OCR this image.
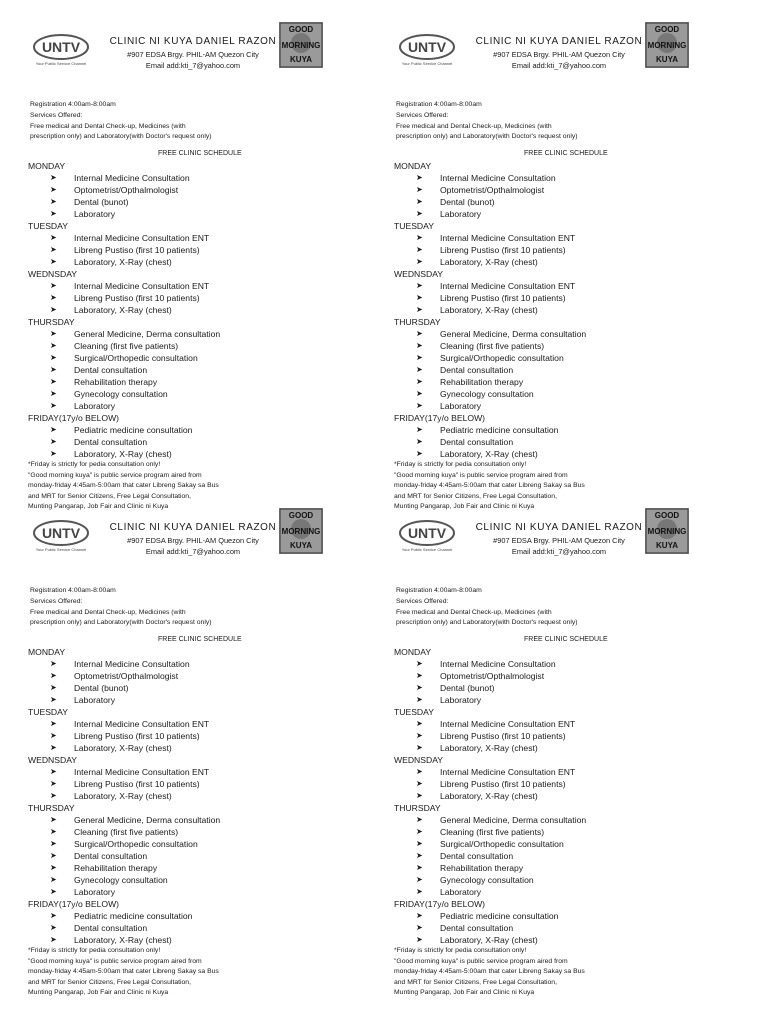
UNTV
Your Public Service Channel
GOOD
MORNING
KUYA
CLINIC NI KUYA DANIEL RAZON
#907 EDSA Brgy. PHIL-AM Quezon City
Email add:kti_7@yahoo.com
Registration 4:00am-8:00am
Services Offered:
Free medical and Dental Check-up, Medicines (with
prescription only) and Laboratory(with Doctor's request only)
FREE CLINIC SCHEDULE
MONDAY
➤	Internal Medicine Consultation
➤	Optometrist/Opthalmologist
➤	Dental (bunot)
➤	Laboratory
TUESDAY
➤	Internal Medicine Consultation ENT
➤	Libreng Pustiso (first 10 patients)
➤	Laboratory, X-Ray (chest)
WEDNSDAY
➤	Internal Medicine Consultation ENT
➤	Libreng Pustiso (first 10 patients)
➤	Laboratory, X-Ray (chest)
THURSDAY
➤	General Medicine, Derma consultation
➤	Cleaning (first five patients)
➤	Surgical/Orthopedic consultation
➤	Dental consultation
➤	Rehabilitation therapy
➤	Gynecology consultation
➤	Laboratory
FRIDAY(17y/o BELOW)
➤	Pediatric medicine consultation
➤	Dental consultation
➤	Laboratory, X-Ray (chest)
*Friday is strictly for pedia consultation only!
"Good morning kuya" is public service program aired from
monday-friday 4:45am-5:00am that cater Libreng Sakay sa Bus
and MRT for Senior Citizens, Free Legal Consultation,
Munting Pangarap, Job Fair and Clinic ni Kuya
UNTV
Your Public Service Channel
GOOD
MORNING
KUYA
CLINIC NI KUYA DANIEL RAZON
#907 EDSA Brgy. PHIL-AM Quezon City
Email add:kti_7@yahoo.com
Registration 4:00am-8:00am
Services Offered:
Free medical and Dental Check-up, Medicines (with
prescription only) and Laboratory(with Doctor's request only)
FREE CLINIC SCHEDULE
MONDAY
➤	Internal Medicine Consultation
➤	Optometrist/Opthalmologist
➤	Dental (bunot)
➤	Laboratory
TUESDAY
➤	Internal Medicine Consultation ENT
➤	Libreng Pustiso (first 10 patients)
➤	Laboratory, X-Ray (chest)
WEDNSDAY
➤	Internal Medicine Consultation ENT
➤	Libreng Pustiso (first 10 patients)
➤	Laboratory, X-Ray (chest)
THURSDAY
➤	General Medicine, Derma consultation
➤	Cleaning (first five patients)
➤	Surgical/Orthopedic consultation
➤	Dental consultation
➤	Rehabilitation therapy
➤	Gynecology consultation
➤	Laboratory
FRIDAY(17y/o BELOW)
➤	Pediatric medicine consultation
➤	Dental consultation
➤	Laboratory, X-Ray (chest)
*Friday is strictly for pedia consultation only!
"Good morning kuya" is public service program aired from
monday-friday 4:45am-5:00am that cater Libreng Sakay sa Bus
and MRT for Senior Citizens, Free Legal Consultation,
Munting Pangarap, Job Fair and Clinic ni Kuya
UNTV
Your Public Service Channel
GOOD
MORNING
KUYA
CLINIC NI KUYA DANIEL RAZON
#907 EDSA Brgy. PHIL-AM Quezon City
Email add:kti_7@yahoo.com
Registration 4:00am-8:00am
Services Offered:
Free medical and Dental Check-up, Medicines (with
prescription only) and Laboratory(with Doctor's request only)
FREE CLINIC SCHEDULE
MONDAY
➤	Internal Medicine Consultation
➤	Optometrist/Opthalmologist
➤	Dental (bunot)
➤	Laboratory
TUESDAY
➤	Internal Medicine Consultation ENT
➤	Libreng Pustiso (first 10 patients)
➤	Laboratory, X-Ray (chest)
WEDNSDAY
➤	Internal Medicine Consultation ENT
➤	Libreng Pustiso (first 10 patients)
➤	Laboratory, X-Ray (chest)
THURSDAY
➤	General Medicine, Derma consultation
➤	Cleaning (first five patients)
➤	Surgical/Orthopedic consultation
➤	Dental consultation
➤	Rehabilitation therapy
➤	Gynecology consultation
➤	Laboratory
FRIDAY(17y/o BELOW)
➤	Pediatric medicine consultation
➤	Dental consultation
➤	Laboratory, X-Ray (chest)
*Friday is strictly for pedia consultation only!
"Good morning kuya" is public service program aired from
monday-friday 4:45am-5:00am that cater Libreng Sakay sa Bus
and MRT for Senior Citizens, Free Legal Consultation,
Munting Pangarap, Job Fair and Clinic ni Kuya
UNTV
Your Public Service Channel
GOOD
MORNING
KUYA
CLINIC NI KUYA DANIEL RAZON
#907 EDSA Brgy. PHIL-AM Quezon City
Email add:kti_7@yahoo.com
Registration 4:00am-8:00am
Services Offered:
Free medical and Dental Check-up, Medicines (with
prescription only) and Laboratory(with Doctor's request only)
FREE CLINIC SCHEDULE
MONDAY
➤	Internal Medicine Consultation
➤	Optometrist/Opthalmologist
➤	Dental (bunot)
➤	Laboratory
TUESDAY
➤	Internal Medicine Consultation ENT
➤	Libreng Pustiso (first 10 patients)
➤	Laboratory, X-Ray (chest)
WEDNSDAY
➤	Internal Medicine Consultation ENT
➤	Libreng Pustiso (first 10 patients)
➤	Laboratory, X-Ray (chest)
THURSDAY
➤	General Medicine, Derma consultation
➤	Cleaning (first five patients)
➤	Surgical/Orthopedic consultation
➤	Dental consultation
➤	Rehabilitation therapy
➤	Gynecology consultation
➤	Laboratory
FRIDAY(17y/o BELOW)
➤	Pediatric medicine consultation
➤	Dental consultation
➤	Laboratory, X-Ray (chest)
*Friday is strictly for pedia consultation only!
"Good morning kuya" is public service program aired from
monday-friday 4:45am-5:00am that cater Libreng Sakay sa Bus
and MRT for Senior Citizens, Free Legal Consultation,
Munting Pangarap, Job Fair and Clinic ni Kuya
